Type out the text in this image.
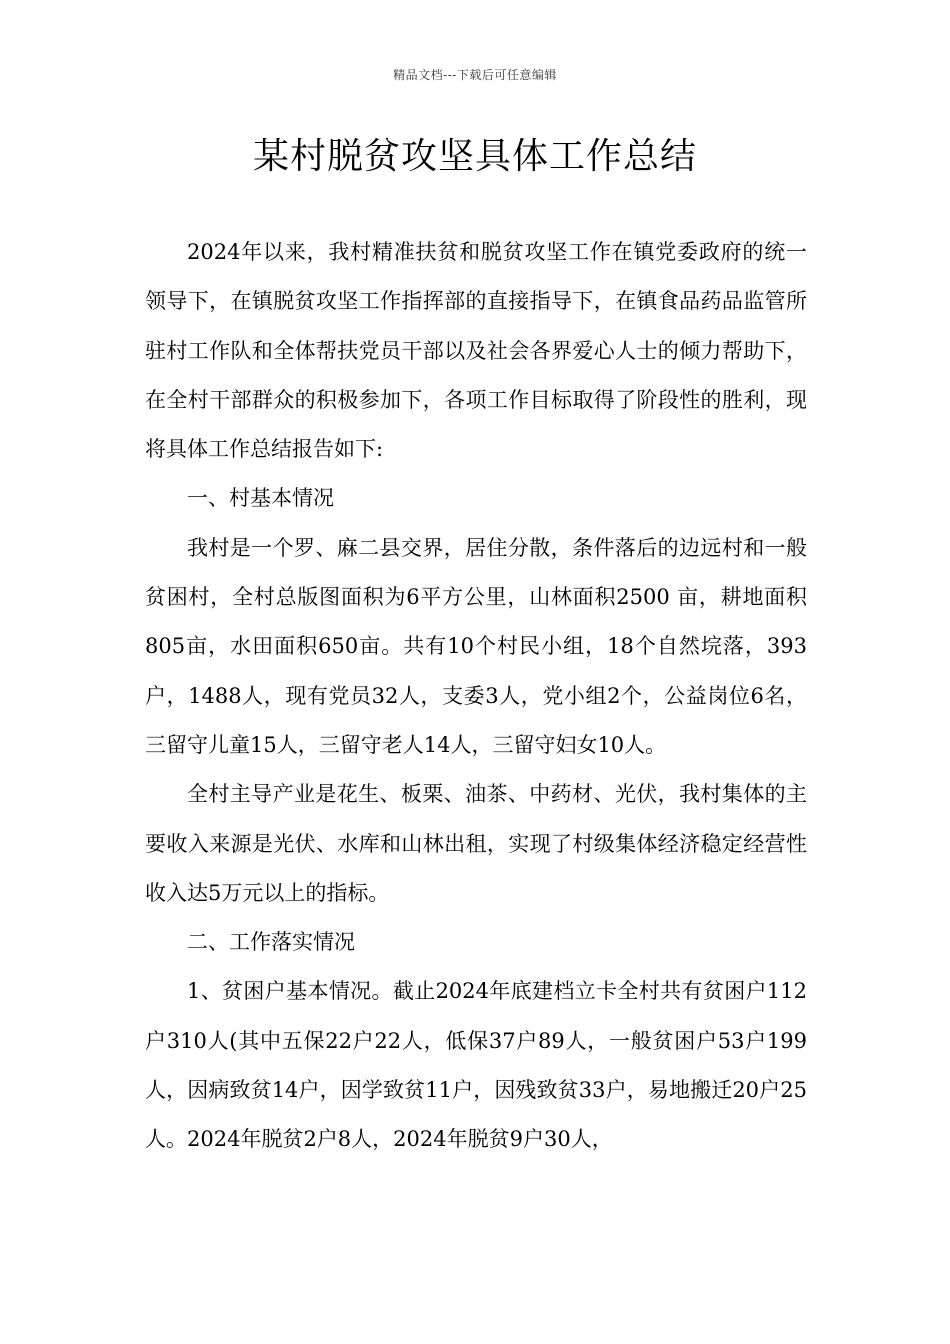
精品文档---下载后可任意编辑
某村脱贫攻坚具体工作总结

2024年以来，我村精准扶贫和脱贫攻坚工作在镇党委政府的统一领导下，在镇脱贫攻坚工作指挥部的直接指导下，在镇食品药品监管所驻村工作队和全体帮扶党员干部以及社会各界爱心人士的倾力帮助下，在全村干部群众的积极参加下，各项工作目标取得了阶段性的胜利，现将具体工作总结报告如下:

一、村基本情况

我村是一个罗、麻二县交界，居住分散，条件落后的边远村和一般贫困村，全村总版图面积为6平方公里，山林面积2500 亩，耕地面积805亩，水田面积650亩。共有10个村民小组，18个自然垸落，393户，1488人，现有党员32人，支委3人，党小组2个，公益岗位6名，三留守儿童15人，三留守老人14人，三留守妇女10人。

全村主导产业是花生、板栗、油茶、中药材、光伏，我村集体的主要收入来源是光伏、水库和山林出租，实现了村级集体经济稳定经营性收入达5万元以上的指标。

二、工作落实情况

1、贫困户基本情况。截止2024年底建档立卡全村共有贫困户112户310人(其中五保22户22人，低保37户89人，一般贫困户53户199人，因病致贫14户，因学致贫11户，因残致贫33户，易地搬迁20户25人。2024年脱贫2户8人，2024年脱贫9户30人，
